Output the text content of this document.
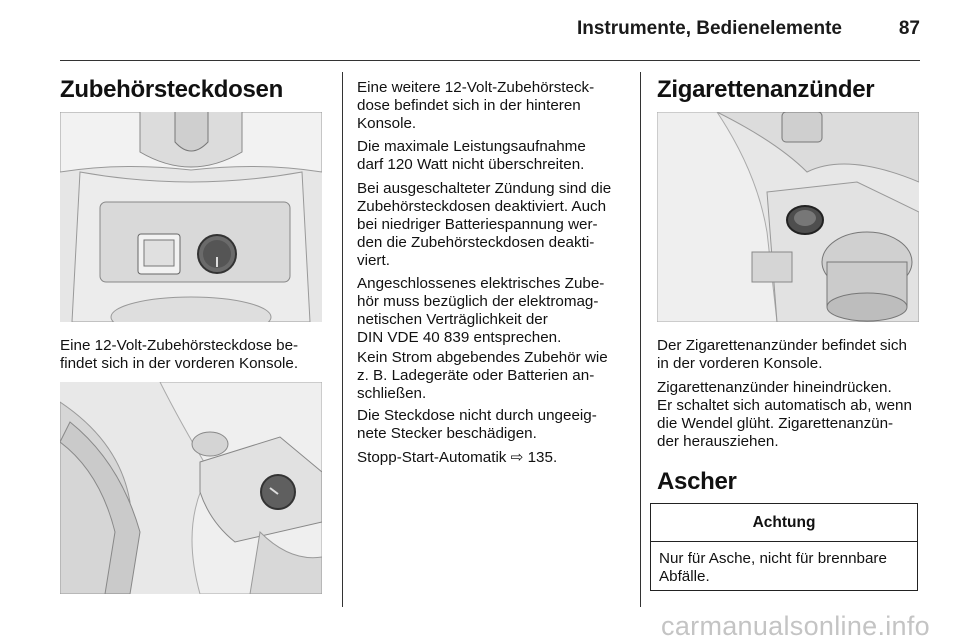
Instrumente, Bedienelemente	87
Zubehörsteckdosen

Eine 12-Volt-Zubehörsteckdose be-
findet sich in der vorderen Konsole.

Eine weitere 12-Volt-Zubehörsteck-
dose befindet sich in der hinteren
Konsole.

Die maximale Leistungsaufnahme
darf 120 Watt nicht überschreiten.

Bei ausgeschalteter Zündung sind die
Zubehörsteckdosen deaktiviert. Auch
bei niedriger Batteriespannung wer-
den die Zubehörsteckdosen deakti-
viert.

Angeschlossenes elektrisches Zube-
hör muss bezüglich der elektromag-
netischen Verträglichkeit der
DIN VDE 40 839 entsprechen.

Kein Strom abgebendes Zubehör wie
z. B. Ladegeräte oder Batterien an-
schließen.

Die Steckdose nicht durch ungeeig-
nete Stecker beschädigen.

Stopp-Start-Automatik ⇨ 135.

Zigarettenanzünder

Der Zigarettenanzünder befindet sich
in der vorderen Konsole.

Zigarettenanzünder hineindrücken.
Er schaltet sich automatisch ab, wenn
die Wendel glüht. Zigarettenanzün-
der herausziehen.

Ascher
Achtung
Nur für Asche, nicht für brennbare
Abfälle.
carmanualsonline.info
